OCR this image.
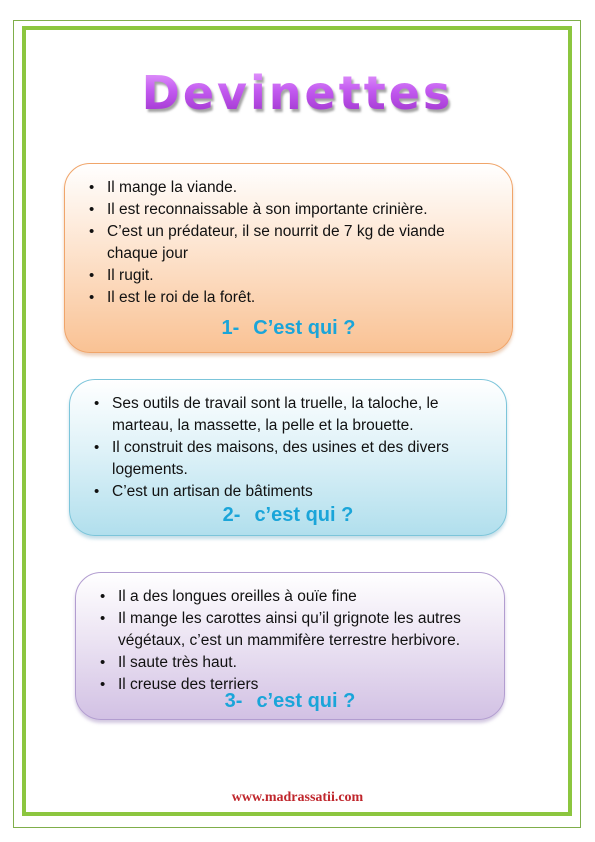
Devinettes
• Il mange la viande.
• Il est reconnaissable à son importante crinière.
• C’est un prédateur, il se nourrit de 7 kg de viande chaque jour
• Il rugit.
• Il est le roi de la forêt.
1- C’est qui ?
• Ses outils de travail sont la truelle, la taloche, le marteau, la massette, la pelle et la brouette.
• Il construit des maisons, des usines et des divers logements.
• C’est un artisan de bâtiments
2- c’est qui ?
• Il a des longues oreilles à ouïe fine
• Il mange les carottes ainsi qu’il grignote les autres végétaux, c’est un mammifère terrestre herbivore.
• Il saute très haut.
• Il creuse des terriers
3- c’est qui ?
www.madrassatii.com
